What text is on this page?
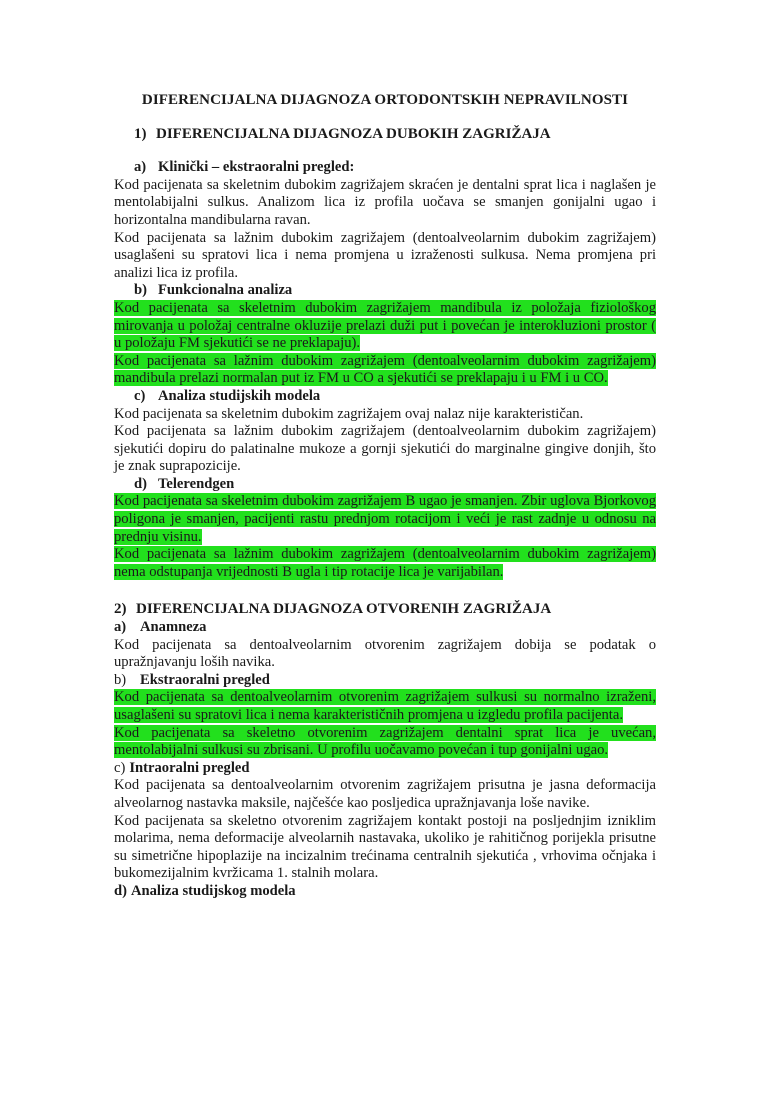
DIFERENCIJALNA DIJAGNOZA ORTODONTSKIH NEPRAVILNOSTI
1) DIFERENCIJALNA DIJAGNOZA DUBOKIH ZAGRIŽAJA
a) Klinički – ekstraoralni pregled:

Kod pacijenata sa skeletnim dubokim zagrižajem skraćen je dentalni sprat lica i naglašen je mentolabijalni sulkus. Analizom lica iz profila uočava se smanjen gonijalni ugao i horizontalna mandibularna ravan.

Kod pacijenata sa lažnim dubokim zagrižajem (dentoalveolarnim dubokim zagrižajem) usaglašeni su spratovi lica i nema promjena u izraženosti sulkusa. Nema promjena pri analizi lica iz profila.

b) Funkcionalna analiza

Kod pacijenata sa skeletnim dubokim zagrižajem mandibula iz položaja fiziološkog mirovanja u položaj centralne okluzije prelazi duži put i povećan je interokluzioni prostor ( u položaju FM sjekutići se ne preklapaju).

Kod pacijenata sa lažnim dubokim zagrižajem (dentoalveolarnim dubokim zagrižajem) mandibula prelazi normalan put iz FM u CO a sjekutići se preklapaju i u FM i u CO.

c) Analiza studijskih modela

Kod pacijenata sa skeletnim dubokim zagrižajem ovaj nalaz nije karakterističan.

Kod pacijenata sa lažnim dubokim zagrižajem (dentoalveolarnim dubokim zagrižajem) sjekutići dopiru do palatinalne mukoze a gornji sjekutići do marginalne gingive donjih, što je znak suprapozicije.

d) Telerendgen

Kod pacijenata sa skeletnim dubokim zagrižajem B ugao je smanjen. Zbir uglova Bjorkovog poligona je smanjen, pacijenti rastu prednjom rotacijom i veći je rast zadnje u odnosu na prednju visinu.

Kod pacijenata sa lažnim dubokim zagrižajem (dentoalveolarnim dubokim zagrižajem) nema odstupanja vrijednosti B ugla i tip rotacije lica je varijabilan.

2) DIFERENCIJALNA DIJAGNOZA OTVORENIH ZAGRIŽAJA
a) Anamneza

Kod pacijenata sa dentoalveolarnim otvorenim zagrižajem dobija se podatak o upražnjavanju loših navika.

b) Ekstraoralni pregled

Kod pacijenata sa dentoalveolarnim otvorenim zagrižajem sulkusi su normalno izraženi, usaglašeni su spratovi lica i nema karakterističnih promjena u izgledu profila pacijenta.

Kod pacijenata sa skeletno otvorenim zagrižajem dentalni sprat lica je uvećan, mentolabijalni sulkusi su zbrisani. U profilu uočavamo povećan i tup gonijalni ugao.

c) Intraoralni pregled

Kod pacijenata sa dentoalveolarnim otvorenim zagrižajem prisutna je jasna deformacija alveolarnog nastavka maksile, najčešće kao posljedica upražnjavanja loše navike.

Kod pacijenata sa skeletno otvorenim zagrižajem kontakt postoji na posljednjim izniklim molarima, nema deformacije alveolarnih nastavaka, ukoliko je rahitičnog porijekla prisutne su simetrične hipoplazije na incizalnim trećinama centralnih sjekutića , vrhovima očnjaka i bukomezijalnim kvržicama 1. stalnih molara.

d) Analiza studijskog modela
